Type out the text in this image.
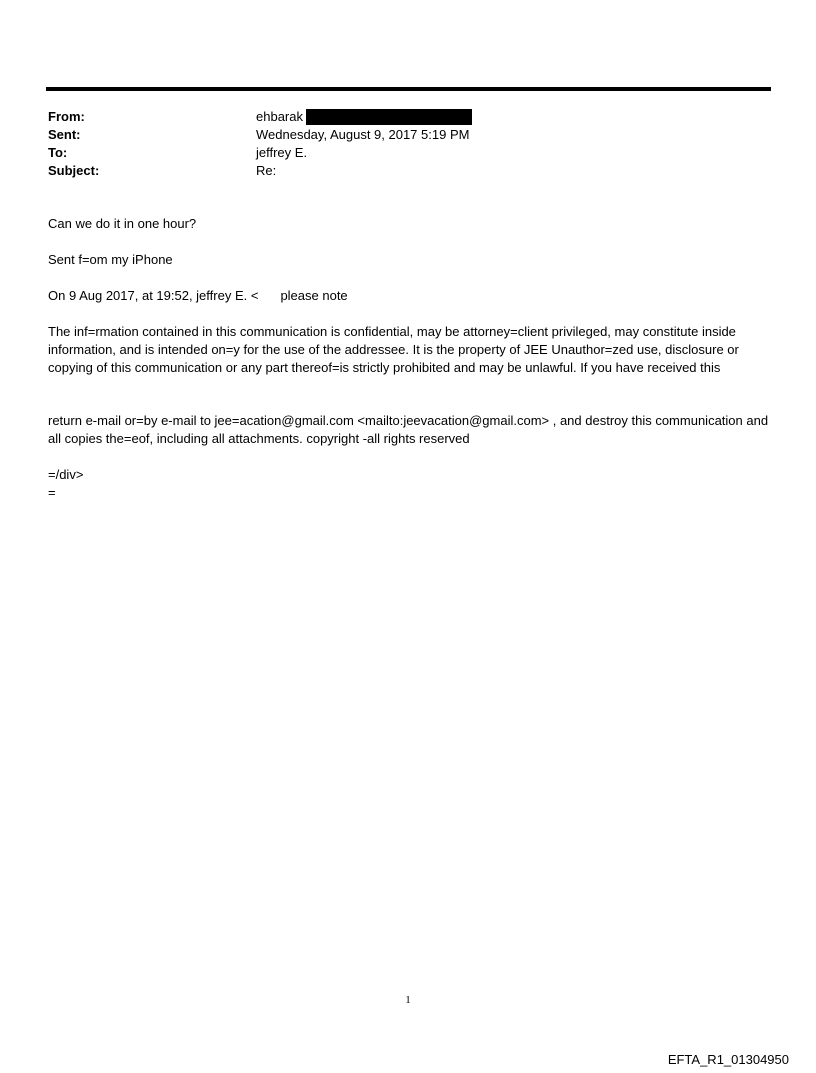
From:	ehbarak
Sent:	Wednesday, August 9, 2017 5:19 PM
To:	jeffrey E.
Subject:	Re:
Can we do it in one hour?
Sent f=om my iPhone
On 9 Aug 2017, at 19:52, jeffrey E. < please note
The inf=rmation contained in this communication is confidential, may be attorney=client privileged, may constitute inside information, and is intended on=y for the use of the addressee. It is the property of JEE Unauthor=zed use, disclosure or copying of this communication or any part thereof=is strictly prohibited and may be unlawful. If you have received this
return e-mail or=by e-mail to jee=acation@gmail.com <mailto:jeevacation@gmail.com> , and destroy this communication and all copies the=eof, including all attachments. copyright -all rights reserved
=/div>
=
1
EFTA_R1_01304950
